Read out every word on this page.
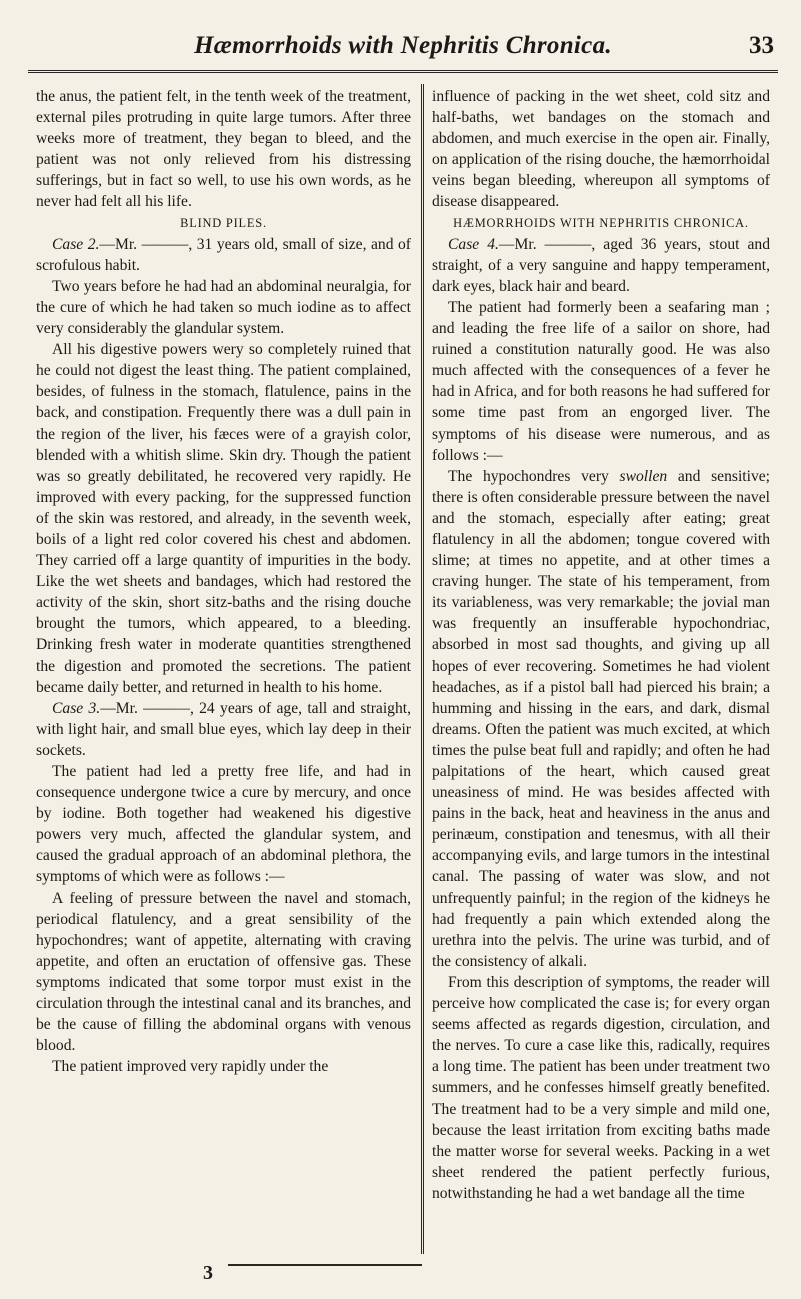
Hæmorrhoids with Nephritis Chronica.	33

the anus, the patient felt, in the tenth week of the treatment, external piles protruding in quite large tumors. After three weeks more of treatment, they began to bleed, and the patient was not only relieved from his distressing sufferings, but in fact so well, to use his own words, as he never had felt all his life.

BLIND PILES.

Case 2.—Mr. ———, 31 years old, small of size, and of scrofulous habit.

Two years before he had had an abdominal neuralgia, for the cure of which he had taken so much iodine as to affect very considerably the glandular system.

All his digestive powers wery so completely ruined that he could not digest the least thing. The patient complained, besides, of fulness in the stomach, flatulence, pains in the back, and constipation. Frequently there was a dull pain in the region of the liver, his fæces were of a grayish color, blended with a whitish slime. Skin dry. Though the patient was so greatly debilitated, he recovered very rapidly. He improved with every packing, for the suppressed function of the skin was restored, and already, in the seventh week, boils of a light red color covered his chest and abdomen. They carried off a large quantity of impurities in the body. Like the wet sheets and bandages, which had restored the activity of the skin, short sitz-baths and the rising douche brought the tumors, which appeared, to a bleeding. Drinking fresh water in moderate quantities strengthened the digestion and promoted the secretions. The patient became daily better, and returned in health to his home.

Case 3.—Mr. ———, 24 years of age, tall and straight, with light hair, and small blue eyes, which lay deep in their sockets.

The patient had led a pretty free life, and had in consequence undergone twice a cure by mercury, and once by iodine. Both together had weakened his digestive powers very much, affected the glandular system, and caused the gradual approach of an abdominal plethora, the symptoms of which were as follows :—

A feeling of pressure between the navel and stomach, periodical flatulency, and a great sensibility of the hypochondres; want of appetite, alternating with craving appetite, and often an eructation of offensive gas. These symptoms indicated that some torpor must exist in the circulation through the intestinal canal and its branches, and be the cause of filling the abdominal organs with venous blood.

The patient improved very rapidly under the

influence of packing in the wet sheet, cold sitz and half-baths, wet bandages on the stomach and abdomen, and much exercise in the open air. Finally, on application of the rising douche, the hæmorrhoidal veins began bleeding, whereupon all symptoms of disease disappeared.

HÆMORRHOIDS WITH NEPHRITIS CHRONICA.

Case 4.—Mr. ———, aged 36 years, stout and straight, of a very sanguine and happy temperament, dark eyes, black hair and beard.

The patient had formerly been a seafaring man ; and leading the free life of a sailor on shore, had ruined a constitution naturally good. He was also much affected with the consequences of a fever he had in Africa, and for both reasons he had suffered for some time past from an engorged liver. The symptoms of his disease were numerous, and as follows :—

The hypochondres very swollen and sensitive; there is often considerable pressure between the navel and the stomach, especially after eating; great flatulency in all the abdomen; tongue covered with slime; at times no appetite, and at other times a craving hunger. The state of his temperament, from its variableness, was very remarkable; the jovial man was frequently an insufferable hypochondriac, absorbed in most sad thoughts, and giving up all hopes of ever recovering. Sometimes he had violent headaches, as if a pistol ball had pierced his brain; a humming and hissing in the ears, and dark, dismal dreams. Often the patient was much excited, at which times the pulse beat full and rapidly; and often he had palpitations of the heart, which caused great uneasiness of mind. He was besides affected with pains in the back, heat and heaviness in the anus and perinæum, constipation and tenesmus, with all their accompanying evils, and large tumors in the intestinal canal. The passing of water was slow, and not unfrequently painful; in the region of the kidneys he had frequently a pain which extended along the urethra into the pelvis. The urine was turbid, and of the consistency of alkali.

From this description of symptoms, the reader will perceive how complicated the case is; for every organ seems affected as regards digestion, circulation, and the nerves. To cure a case like this, radically, requires a long time. The patient has been under treatment two summers, and he confesses himself greatly benefited. The treatment had to be a very simple and mild one, because the least irritation from exciting baths made the matter worse for several weeks. Packing in a wet sheet rendered the patient perfectly furious, notwithstanding he had a wet bandage all the time

3
